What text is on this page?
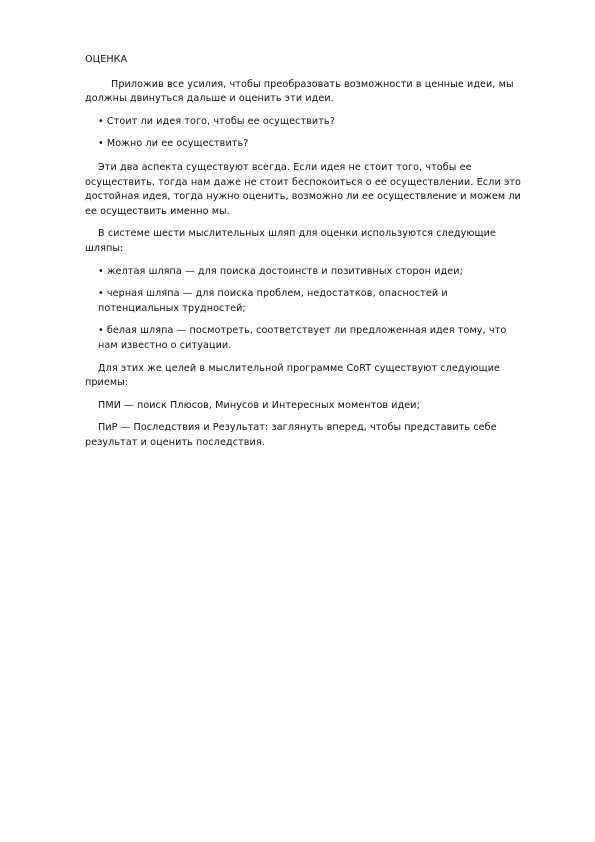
ОЦЕНКА

Приложив все усилия, чтобы преобразовать возможности в ценные идеи, мы должны двинуться дальше и оценить эти идеи.

• Стоит ли идея того, чтобы ее осуществить?

• Можно ли ее осуществить?

Эти два аспекта существуют всегда. Если идея не стоит того, чтобы ее осуществить, тогда нам даже не стоит беспокоиться о ее осуществлении. Если это достойная идея, тогда нужно оценить, возможно ли ее осуществление и можем ли ее осуществить именно мы.

В системе шести мыслительных шляп для оценки используются следующие шляпы:

• желтая шляпа — для поиска достоинств и позитивных сторон идеи;

• черная шляпа — для поиска проблем, недостатков, опасностей и потенциальных трудностей;

• белая шляпа — посмотреть, соответствует ли предложенная идея тому, что нам известно о ситуации.

Для этих же целей в мыслительной программе CoRT существуют следующие приемы:

ПМИ — поиск Плюсов, Минусов и Интересных моментов идеи;

ПиР — Последствия и Результат: заглянуть вперед, чтобы представить себе результат и оценить последствия.
